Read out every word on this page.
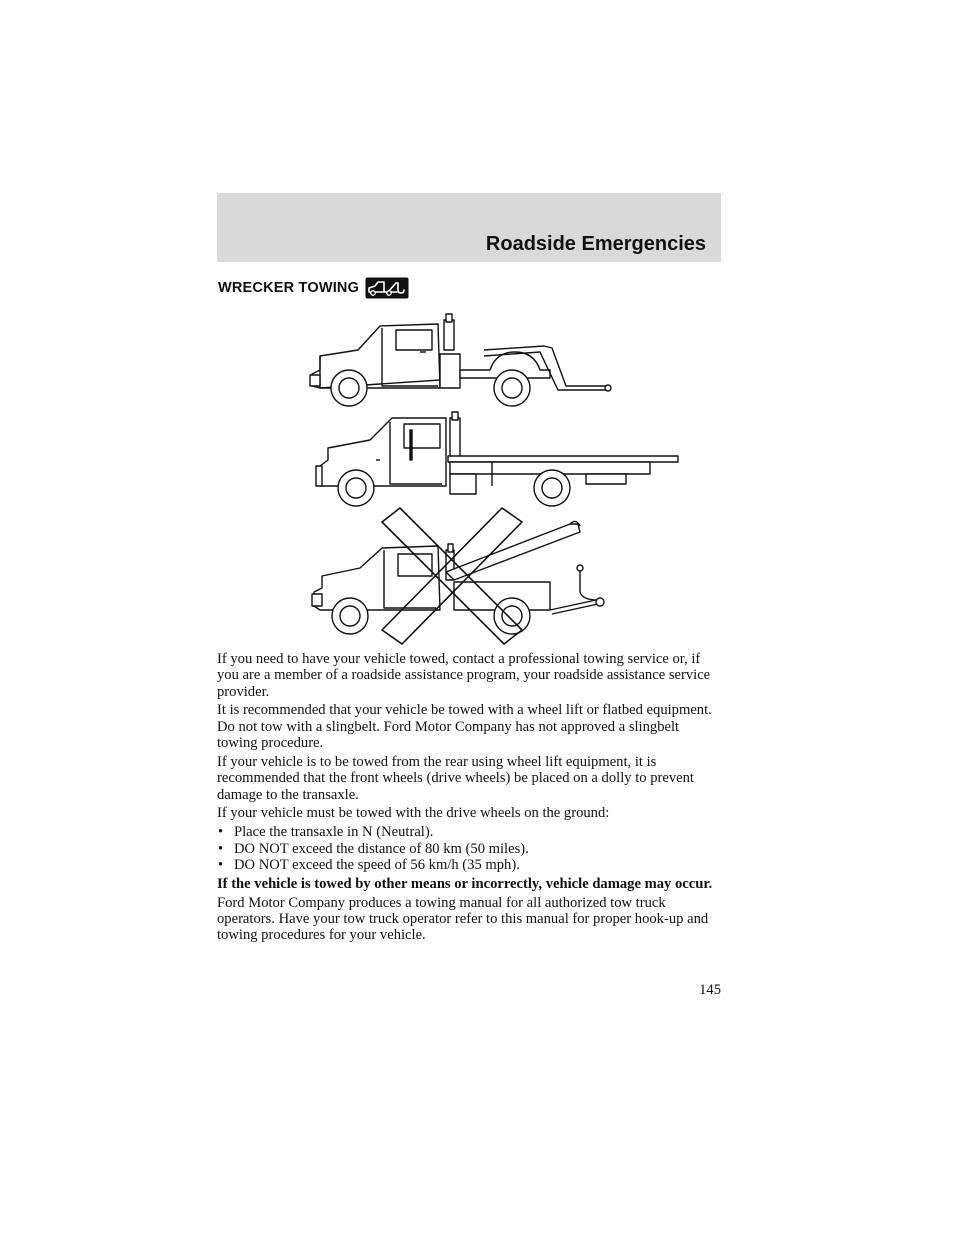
Roadside Emergencies
WRECKER TOWING

If you need to have your vehicle towed, contact a professional towing service or, if you are a member of a roadside assistance program, your roadside assistance service provider.

It is recommended that your vehicle be towed with a wheel lift or flatbed equipment. Do not tow with a slingbelt. Ford Motor Company has not approved a slingbelt towing procedure.

If your vehicle is to be towed from the rear using wheel lift equipment, it is recommended that the front wheels (drive wheels) be placed on a dolly to prevent damage to the transaxle.

If your vehicle must be towed with the drive wheels on the ground:

• Place the transaxle in N (Neutral).
• DO NOT exceed the distance of 80 km (50 miles).
• DO NOT exceed the speed of 56 km/h (35 mph).

If the vehicle is towed by other means or incorrectly, vehicle damage may occur.

Ford Motor Company produces a towing manual for all authorized tow truck operators. Have your tow truck operator refer to this manual for proper hook-up and towing procedures for your vehicle.

145
